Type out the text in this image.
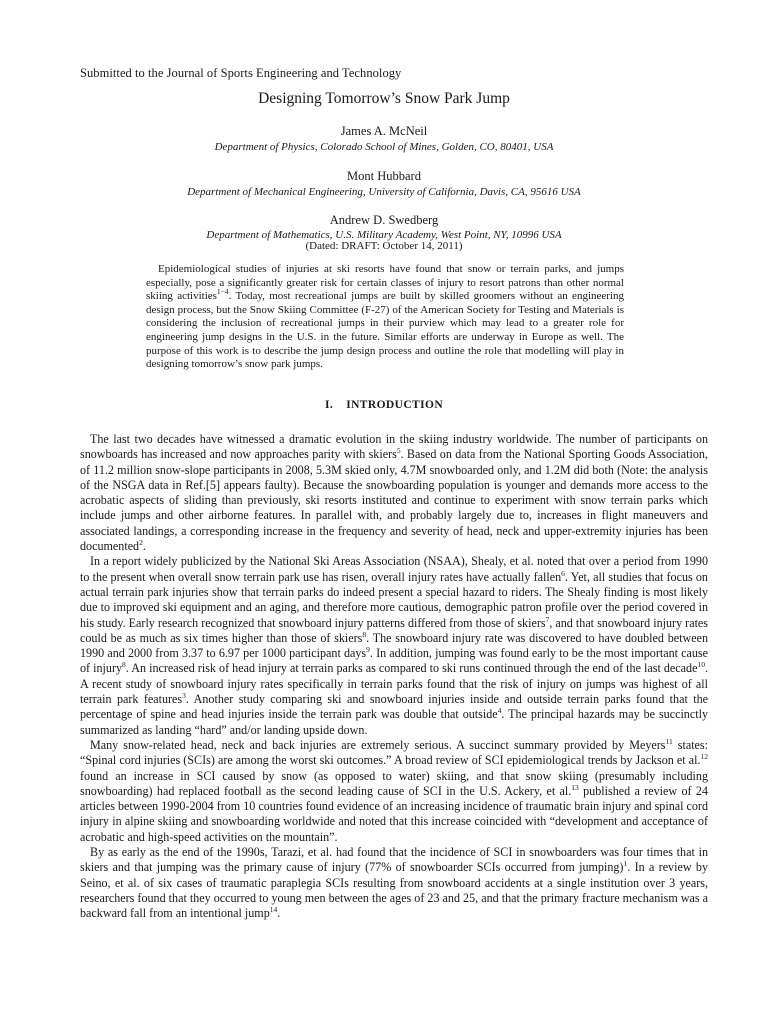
Submitted to the Journal of Sports Engineering and Technology
Designing Tomorrow’s Snow Park Jump
James A. McNeil
Department of Physics, Colorado School of Mines, Golden, CO, 80401, USA
Mont Hubbard
Department of Mechanical Engineering, University of California, Davis, CA, 95616 USA
Andrew D. Swedberg
Department of Mathematics, U.S. Military Academy, West Point, NY, 10996 USA
(Dated: DRAFT: October 14, 2011)
Epidemiological studies of injuries at ski resorts have found that snow or terrain parks, and jumps especially, pose a significantly greater risk for certain classes of injury to resort patrons than other normal skiing activities$^{1-4}$. Today, most recreational jumps are built by skilled groomers without an engineering design process, but the Snow Skiing Committee (F-27) of the American Society for Testing and Materials is considering the inclusion of recreational jumps in their purview which may lead to a greater role for engineering jump designs in the U.S. in the future. Similar efforts are underway in Europe as well. The purpose of this work is to describe the jump design process and outline the role that modelling will play in designing tomorrow’s snow park jumps.
I. INTRODUCTION

The last two decades have witnessed a dramatic evolution in the skiing industry worldwide. The number of participants on snowboards has increased and now approaches parity with skiers$^5$. Based on data from the National Sporting Goods Association, of 11.2 million snow-slope participants in 2008, 5.3M skied only, 4.7M snowboarded only, and 1.2M did both (Note: the analysis of the NSGA data in Ref.[5] appears faulty). Because the snowboarding population is younger and demands more access to the acrobatic aspects of sliding than previously, ski resorts instituted and continue to experiment with snow terrain parks which include jumps and other airborne features. In parallel with, and probably largely due to, increases in flight maneuvers and associated landings, a corresponding increase in the frequency and severity of head, neck and upper-extremity injuries has been documented$^2$.

In a report widely publicized by the National Ski Areas Association (NSAA), Shealy, et al. noted that over a period from 1990 to the present when overall snow terrain park use has risen, overall injury rates have actually fallen$^6$. Yet, all studies that focus on actual terrain park injuries show that terrain parks do indeed present a special hazard to riders. The Shealy finding is most likely due to improved ski equipment and an aging, and therefore more cautious, demographic patron profile over the period covered in his study. Early research recognized that snowboard injury patterns differed from those of skiers$^7$, and that snowboard injury rates could be as much as six times higher than those of skiers$^8$. The snowboard injury rate was discovered to have doubled between 1990 and 2000 from 3.37 to 6.97 per 1000 participant days$^9$. In addition, jumping was found early to be the most important cause of injury$^8$. An increased risk of head injury at terrain parks as compared to ski runs continued through the end of the last decade$^{10}$. A recent study of snowboard injury rates specifically in terrain parks found that the risk of injury on jumps was highest of all terrain park features$^3$. Another study comparing ski and snowboard injuries inside and outside terrain parks found that the percentage of spine and head injuries inside the terrain park was double that outside$^4$. The principal hazards may be succinctly summarized as landing “hard” and/or landing upside down.

Many snow-related head, neck and back injuries are extremely serious. A succinct summary provided by Meyers$^{11}$ states: “Spinal cord injuries (SCIs) are among the worst ski outcomes.” A broad review of SCI epidemiological trends by Jackson et al.$^{12}$ found an increase in SCI caused by snow (as opposed to water) skiing, and that snow skiing (presumably including snowboarding) had replaced football as the second leading cause of SCI in the U.S. Ackery, et al.$^{13}$ published a review of 24 articles between 1990-2004 from 10 countries found evidence of an increasing incidence of traumatic brain injury and spinal cord injury in alpine skiing and snowboarding worldwide and noted that this increase coincided with “development and acceptance of acrobatic and high-speed activities on the mountain”.

By as early as the end of the 1990s, Tarazi, et al. had found that the incidence of SCI in snowboarders was four times that in skiers and that jumping was the primary cause of injury (77% of snowboarder SCIs occurred from jumping)$^1$. In a review by Seino, et al. of six cases of traumatic paraplegia SCIs resulting from snowboard accidents at a single institution over 3 years, researchers found that they occurred to young men between the ages of 23 and 25, and that the primary fracture mechanism was a backward fall from an intentional jump$^{14}$.
